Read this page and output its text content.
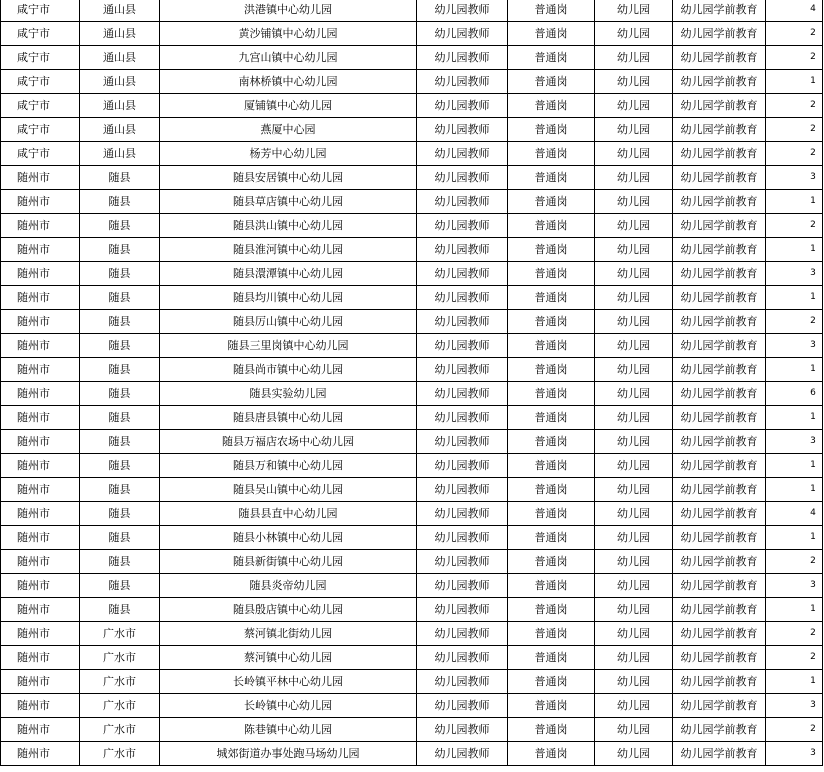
咸宁市	通山县	洪港镇中心幼儿园	幼儿园教师	普通岗	幼儿园	幼儿园学前教育	4
咸宁市	通山县	黄沙铺镇中心幼儿园	幼儿园教师	普通岗	幼儿园	幼儿园学前教育	2
咸宁市	通山县	九宫山镇中心幼儿园	幼儿园教师	普通岗	幼儿园	幼儿园学前教育	2
咸宁市	通山县	南林桥镇中心幼儿园	幼儿园教师	普通岗	幼儿园	幼儿园学前教育	1
咸宁市	通山县	厦铺镇中心幼儿园	幼儿园教师	普通岗	幼儿园	幼儿园学前教育	2
咸宁市	通山县	燕厦中心园	幼儿园教师	普通岗	幼儿园	幼儿园学前教育	2
咸宁市	通山县	杨芳中心幼儿园	幼儿园教师	普通岗	幼儿园	幼儿园学前教育	2
随州市	随县	随县安居镇中心幼儿园	幼儿园教师	普通岗	幼儿园	幼儿园学前教育	3
随州市	随县	随县草店镇中心幼儿园	幼儿园教师	普通岗	幼儿园	幼儿园学前教育	1
随州市	随县	随县洪山镇中心幼儿园	幼儿园教师	普通岗	幼儿园	幼儿园学前教育	2
随州市	随县	随县淮河镇中心幼儿园	幼儿园教师	普通岗	幼儿园	幼儿园学前教育	1
随州市	随县	随县澴潭镇中心幼儿园	幼儿园教师	普通岗	幼儿园	幼儿园学前教育	3
随州市	随县	随县均川镇中心幼儿园	幼儿园教师	普通岗	幼儿园	幼儿园学前教育	1
随州市	随县	随县厉山镇中心幼儿园	幼儿园教师	普通岗	幼儿园	幼儿园学前教育	2
随州市	随县	随县三里岗镇中心幼儿园	幼儿园教师	普通岗	幼儿园	幼儿园学前教育	3
随州市	随县	随县尚市镇中心幼儿园	幼儿园教师	普通岗	幼儿园	幼儿园学前教育	1
随州市	随县	随县实验幼儿园	幼儿园教师	普通岗	幼儿园	幼儿园学前教育	6
随州市	随县	随县唐县镇中心幼儿园	幼儿园教师	普通岗	幼儿园	幼儿园学前教育	1
随州市	随县	随县万福店农场中心幼儿园	幼儿园教师	普通岗	幼儿园	幼儿园学前教育	3
随州市	随县	随县万和镇中心幼儿园	幼儿园教师	普通岗	幼儿园	幼儿园学前教育	1
随州市	随县	随县吴山镇中心幼儿园	幼儿园教师	普通岗	幼儿园	幼儿园学前教育	1
随州市	随县	随县县直中心幼儿园	幼儿园教师	普通岗	幼儿园	幼儿园学前教育	4
随州市	随县	随县小林镇中心幼儿园	幼儿园教师	普通岗	幼儿园	幼儿园学前教育	1
随州市	随县	随县新街镇中心幼儿园	幼儿园教师	普通岗	幼儿园	幼儿园学前教育	2
随州市	随县	随县炎帝幼儿园	幼儿园教师	普通岗	幼儿园	幼儿园学前教育	3
随州市	随县	随县殷店镇中心幼儿园	幼儿园教师	普通岗	幼儿园	幼儿园学前教育	1
随州市	广水市	蔡河镇北街幼儿园	幼儿园教师	普通岗	幼儿园	幼儿园学前教育	2
随州市	广水市	蔡河镇中心幼儿园	幼儿园教师	普通岗	幼儿园	幼儿园学前教育	2
随州市	广水市	长岭镇平林中心幼儿园	幼儿园教师	普通岗	幼儿园	幼儿园学前教育	1
随州市	广水市	长岭镇中心幼儿园	幼儿园教师	普通岗	幼儿园	幼儿园学前教育	3
随州市	广水市	陈巷镇中心幼儿园	幼儿园教师	普通岗	幼儿园	幼儿园学前教育	2
随州市	广水市	城郊街道办事处跑马场幼儿园	幼儿园教师	普通岗	幼儿园	幼儿园学前教育	3
